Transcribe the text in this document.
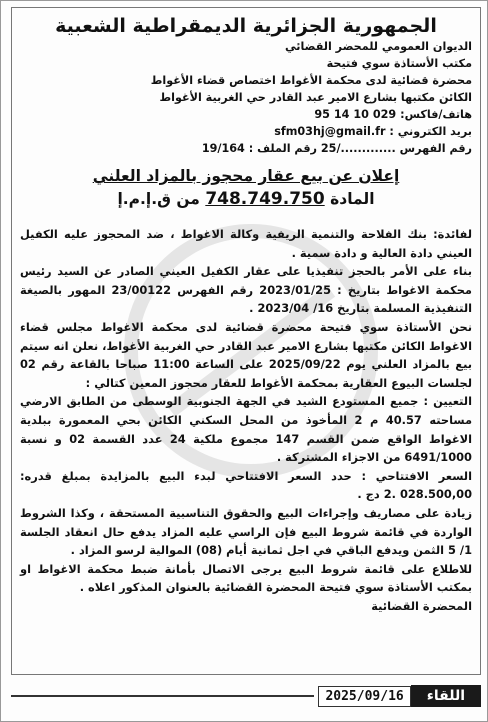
الجمهورية الجزائرية الديمقراطية الشعبية
الديوان العمومي للمحضر القضائي
مكتب الأستاذة سوي فتيحة
محضرة قضائية لدى محكمة الأغواط اختصاص قضاء الأغواط
الكائن مكتبها بشارع الامير عبد القادر حي الغربية الأغواط
هاتف/فاكس: 029 10 14 95
بريد الكتروني : sfm03hj@gmail.fr
رقم الفهرس ............./25 رقم الملف : 19/164
إعلان عن بيع عقار محجوز بالمزاد العلني
المادة 748.749.750 من ق.إ.م.إ

لفائدة: بنك الفلاحة والتنمية الريفية وكالة الاغواط ، ضد المحجوز عليه الكفيل العيني دادة العالية و دادة سمية .

بناء على الأمر بالحجز تنفيذيا على عقار الكفيل العيني الصادر عن السيد رئيس محكمة الاغواط بتاريخ : 2023/01/25 رقم الفهرس 23/00122 المهور بالصيغة التنفيذية المسلمة بتاريخ 16/ 2023/04 .

نحن الأستاذة سوي فتيحة محضرة قضائية لدى محكمة الاغواط مجلس قضاء الاغواط الكائن مكتبها بشارع الامير عبد القادر حي الغربية الأغواط، نعلن انه سيتم بيع بالمزاد العلني يوم 2025/09/22 على الساعة 11:00 صباحا بالقاعة رقم 02 لجلسات البيوع العقارية بمحكمة الأغواط للعقار محجوز المعين كتالي :

التعيين : جميع المستودع الشيد في الجهة الجنوبية الوسطى من الطابق الارضي مساحته 40.57 م 2 المأخوذ من المحل السكني الكائن بحي المعمورة ببلدية الاغواط الواقع ضمن القسم 147 مجموع ملكية 24 عدد القسمة 02 و نسبة 6491/1000 من الاجزاء المشتركة .

السعر الافتتاحي : حدد السعر الافتتاحي لبدء البيع بالمزايدة بمبلغ قدره: 028.500,00 .2 دج .

زيادة على مصاريف وإجراءات البيع والحقوق التناسبية المستحقة ، وكذا الشروط الواردة في قائمة شروط البيع فإن الراسي عليه المزاد يدفع حال انعقاد الجلسة 1/ 5 الثمن ويدفع الباقي في اجل ثمانية أيام (08) الموالية لرسو المزاد .

للاطلاع على قائمة شروط البيع يرجى الاتصال بأمانة ضبط محكمة الاغواط او بمكتب الأستاذة سوي فتيحة المحضرة القضائية بالعنوان المذكور اعلاه .

المحضرة القضائية
اللقاء
2025/09/16
